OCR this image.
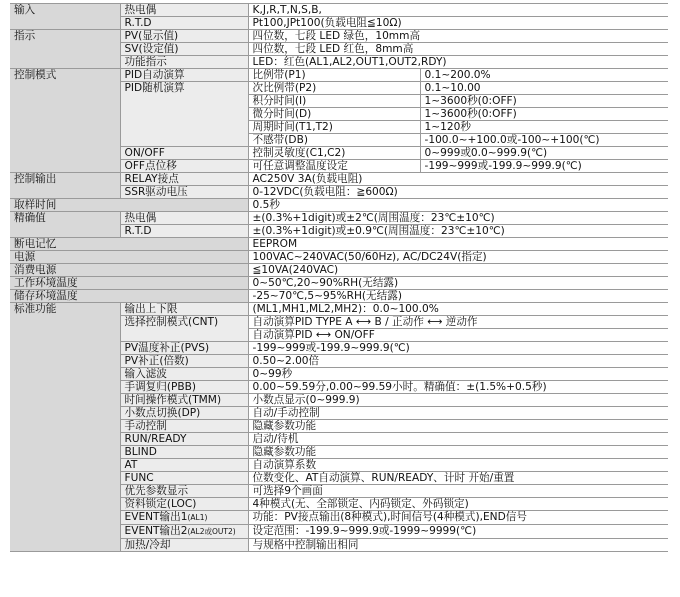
输入	热电偶	K,J,R,T,N,S,B,	
	R.T.D	Pt100,JPt100(负载电阻≦10Ω)	
指示	PV(显示值)	四位数，七段 LED 绿色，10mm高	
	SV(设定值)	四位数，七段 LED 红色，8mm高	
	功能指示	LED：红色(AL1,AL2,OUT1,OUT2,RDY)	
控制模式	PID自动演算	比例带(P1)	0.1~200.0%
	PID随机演算	次比例带(P2)	0.1~10.00
		积分时间(I)	1~3600秒(0:OFF)
		微分时间(D)	1~3600秒(0:OFF)
		周期时间(T1,T2)	1~120秒
		不感带(DB)	-100.0~+100.0或-100~+100(℃)
	ON/OFF	控制灵敏度(C1,C2)	0~999或0.0~999.9(℃)
	OFF点位移	可任意调整温度设定	-199~999或-199.9~999.9(℃)
控制输出	RELAY接点	AC250V 3A(负载电阻)	
	SSR驱动电压	0-12VDC(负载电阻：≧600Ω)	
取样时间		0.5秒	
精确值	热电偶	±(0.3%+1digit)或±2℃(周围温度：23℃±10℃)	
	R.T.D	±(0.3%+1digit)或±0.9℃(周围温度：23℃±10℃)	
断电记忆		EEPROM	
电源		100VAC~240VAC(50/60Hz), AC/DC24V(指定)	
消费电源		≦10VA(240VAC)	
工作环境温度		0~50℃,20~90%RH(无结露)	
储存环境温度		-25~70℃,5~95%RH(无结露)	
标准功能	输出上下限	(ML1,MH1,ML2,MH2)：0.0~100.0%	
	选择控制模式(CNT)	自动演算PID TYPE A ⟷ B / 正动作 ⟷ 逆动作	
		自动演算PID ⟷ ON/OFF	
	PV温度补正(PVS)	-199~999或-199.9~999.9(℃)	
	PV补正(倍数)	0.50~2.00倍	
	输入滤波	0~99秒	
	手调复归(PBB)	0.00~59.59分,0.00~99.59小时。精确值：±(1.5%+0.5秒)	
	时间操作模式(TMM)	小数点显示(0~999.9)	
	小数点切换(DP)	自动/手动控制	
	手动控制	隐藏参数功能	
	RUN/READY	启动/待机	
	BLIND	隐藏参数功能	
	AT	自动演算系数	
	FUNC	位数变化、AT自动演算、RUN/READY、计时 开始/重置	
	优先参数显示	可选择9个画面	
	资料锁定(LOC)	4种模式(无、全部锁定、内码锁定、外码锁定)	
	EVENT输出1(AL1)	功能：PV接点输出(8种模式),时间信号(4种模式),END信号	
	EVENT输出2(AL2或OUT2)	设定范围：-199.9~999.9或-1999~9999(℃)	
	加热/冷却	与规格中控制输出相同	
